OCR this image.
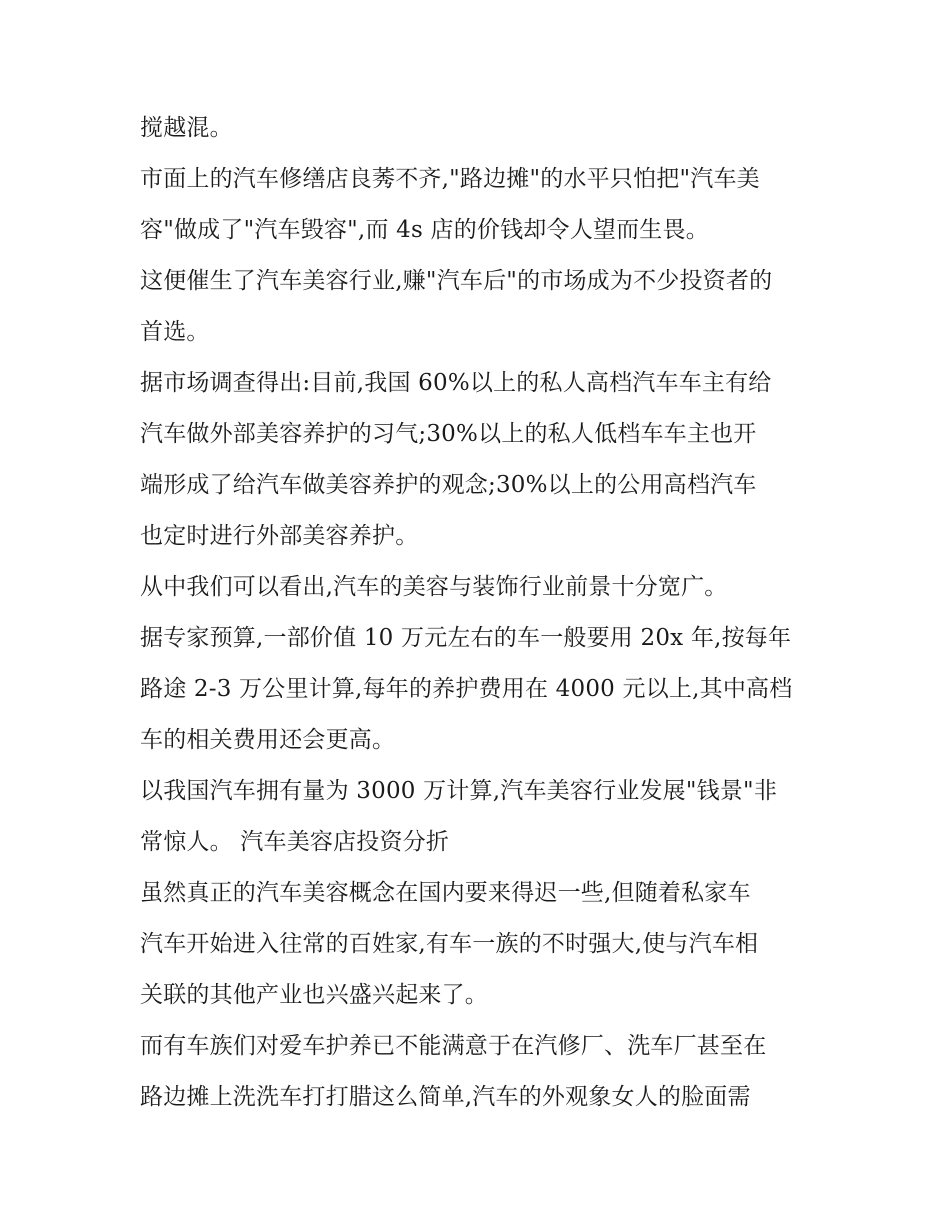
搅越混。
市面上的汽车修缮店良莠不齐,"路边摊"的水平只怕把"汽车美
容"做成了"汽车毁容",而 4s 店的价钱却令人望而生畏。
这便催生了汽车美容行业,赚"汽车后"的市场成为不少投资者的
首选。
据市场调查得出:目前,我国 60%以上的私人高档汽车车主有给
汽车做外部美容养护的习气;30%以上的私人低档车车主也开
端形成了给汽车做美容养护的观念;30%以上的公用高档汽车
也定时进行外部美容养护。
从中我们可以看出,汽车的美容与装饰行业前景十分宽广。
据专家预算,一部价值 10 万元左右的车一般要用 20x 年,按每年
路途 2-3 万公里计算,每年的养护费用在 4000 元以上,其中高档
车的相关费用还会更高。
以我国汽车拥有量为 3000 万计算,汽车美容行业发展"钱景"非
常惊人。 汽车美容店投资分折
虽然真正的汽车美容概念在国内要来得迟一些,但随着私家车
汽车开始进入往常的百姓家,有车一族的不时强大,使与汽车相
关联的其他产业也兴盛兴起来了。
而有车族们对爱车护养已不能满意于在汽修厂、洗车厂甚至在
路边摊上洗洗车打打腊这么简单,汽车的外观象女人的脸面需
